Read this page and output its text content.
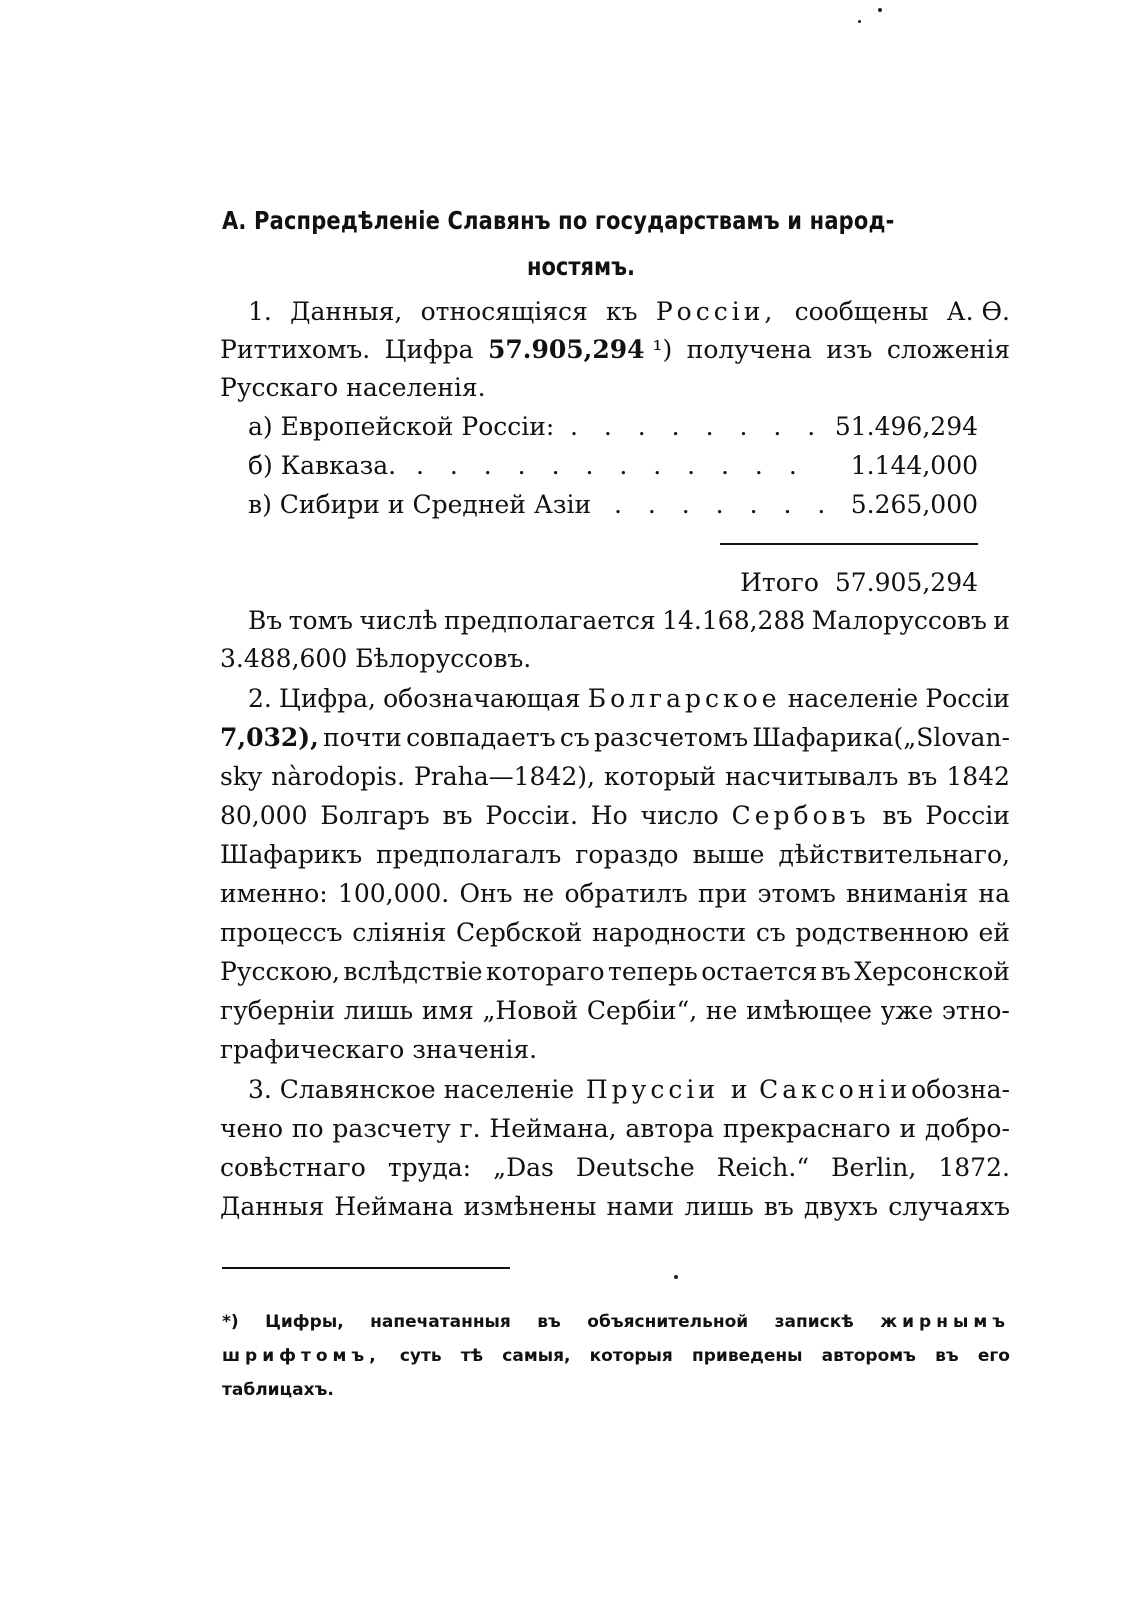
А. Распредѣленіе Славянъ по государствамъ и народ-
ностямъ.
1. Данныя, относящіяся къ Россіи, сообщены А. Ѳ.
Риттихомъ. Цифра 57.905,294 ¹) получена изъ сложенія
Русскаго населенія.
а) Европейской Россіи: . . . . . . . . 51.496,294
б) Кавказа. . . . . . . . . . . . . 1.144,000
в) Сибири и Средней Азіи . . . . . . . 5.265,000
Итого 57.905,294
Въ томъ числѣ предполагается 14.168,288 Малоруссовъ и
3.488,600 Бѣлоруссовъ.
2. Цифра, обозначающая Болгарское населеніе Россіи
7,032), почти совпадаетъ съ разсчетомъ Шафарика(„Slovan-
sky nàrodopis. Praha—1842), который насчитывалъ въ 1842
80,000 Болгаръ въ Россіи. Но число Сербовъ въ Россіи
Шафарикъ предполагалъ гораздо выше дѣйствительнаго,
именно: 100,000. Онъ не обратилъ при этомъ вниманія на
процессъ сліянія Сербской народности съ родственною ей
Русскою, вслѣдствіе котораго теперь остается въ Херсонской
губерніи лишь имя „Новой Сербіи“, не имѣющее уже этно-
графическаго значенія.
3. Славянское населеніе Пруссіи и Саксоніиобозна-
чено по разсчету г. Неймана, автора прекраснаго и добро-
совѣстнаго труда: „Das Deutsche Reich.“ Berlin, 1872.
Данныя Неймана измѣнены нами лишь въ двухъ случаяхъ
*) Цифры, напечатанныя въ объяснительной запискѣ жирнымъ
шрифтомъ, суть тѣ самыя, которыя приведены авторомъ въ его
таблицахъ.
